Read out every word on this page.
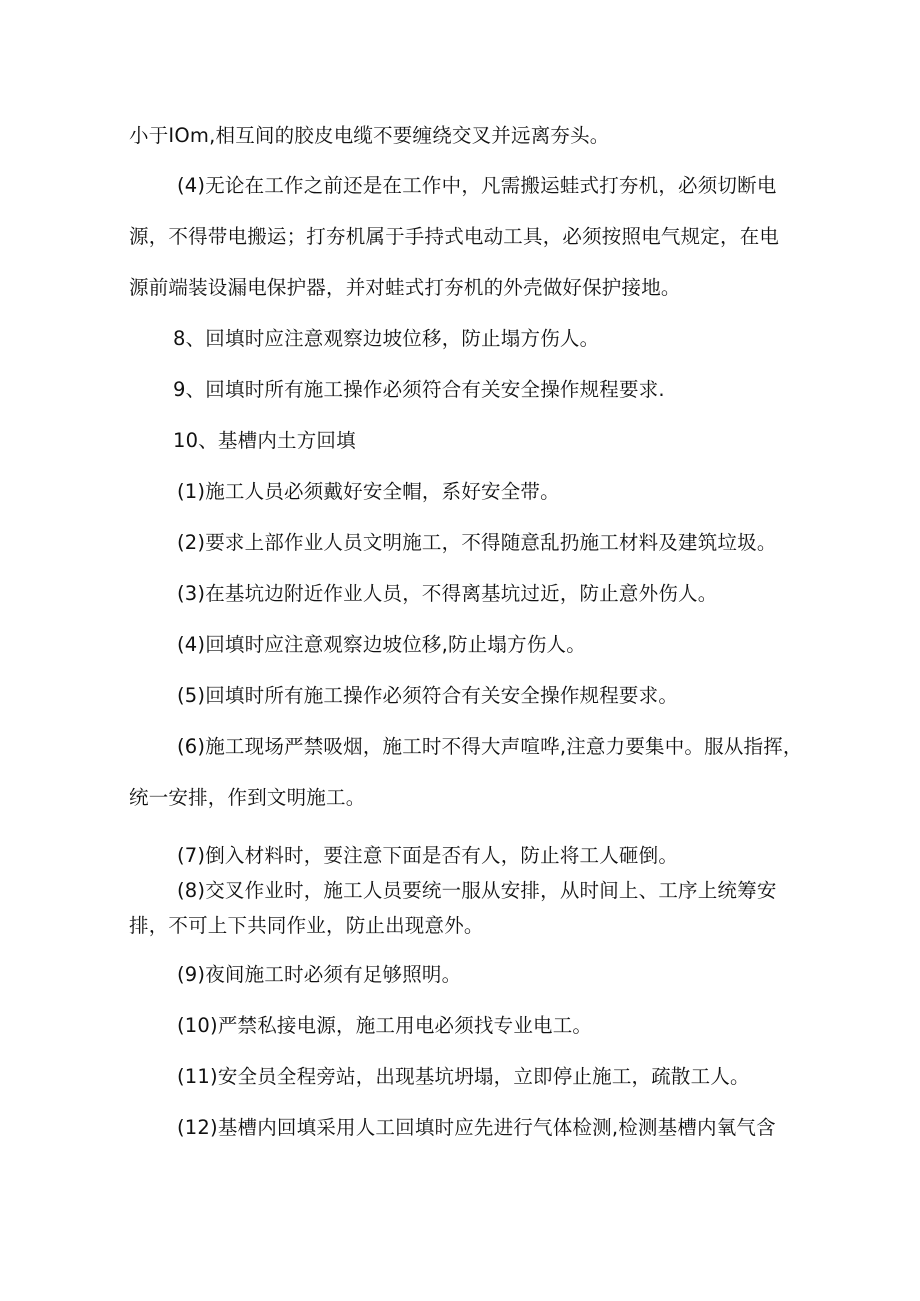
小于IOm,相互间的胶皮电缆不要缠绕交叉并远离夯头。
(4)无论在工作之前还是在工作中，凡需搬运蛙式打夯机，必须切断电
源，不得带电搬运；打夯机属于手持式电动工具，必须按照电气规定，在电
源前端装设漏电保护器，并对蛙式打夯机的外壳做好保护接地。
8、回填时应注意观察边坡位移，防止塌方伤人。
9、回填时所有施工操作必须符合有关安全操作规程要求.
10、基槽内土方回填
(1)施工人员必须戴好安全帽，系好安全带。
(2)要求上部作业人员文明施工，不得随意乱扔施工材料及建筑垃圾。
(3)在基坑边附近作业人员，不得离基坑过近，防止意外伤人。
(4)回填时应注意观察边坡位移,防止塌方伤人。
(5)回填时所有施工操作必须符合有关安全操作规程要求。
(6)施工现场严禁吸烟，施工时不得大声喧哗,注意力要集中。服从指挥，
统一安排，作到文明施工。
(7)倒入材料时，要注意下面是否有人，防止将工人砸倒。
(8)交叉作业时，施工人员要统一服从安排，从时间上、工序上统筹安
排，不可上下共同作业，防止出现意外。
(9)夜间施工时必须有足够照明。
(10)严禁私接电源，施工用电必须找专业电工。
(11)安全员全程旁站，出现基坑坍塌，立即停止施工，疏散工人。
(12)基槽内回填采用人工回填时应先进行气体检测,检测基槽内氧气含
